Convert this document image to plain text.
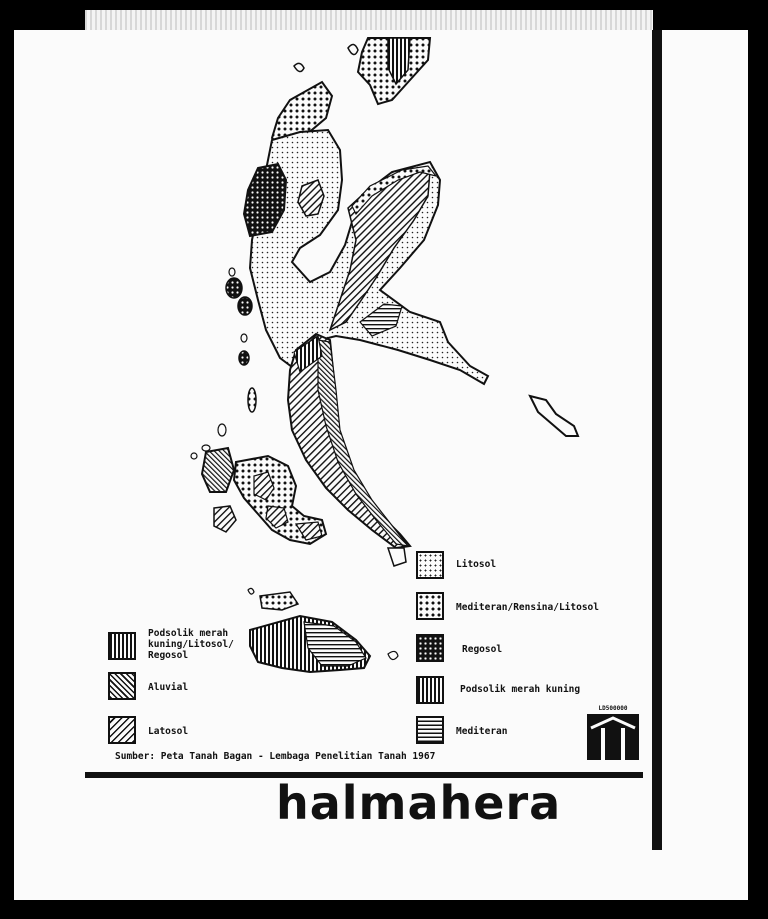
Podsolik merah
kuning/Litosol/
Regosol
Aluvial
Latosol
Litosol
Mediteran/Rensina/Litosol
Regosol
Podsolik merah kuning
Mediteran
LD500000
Sumber: Peta Tanah Bagan - Lembaga Penelitian Tanah 1967
halmahera
